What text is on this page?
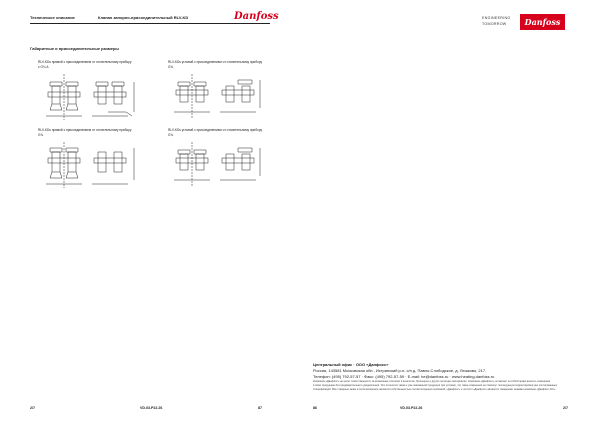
Техническое описание	Клапан запорно-присоединительный RLV-KD	Danfoss
Габаритные и присоединительные размеры
RLV-KDs прямой с присоединением от отопительному прибору с G¾ A
RLV-KDs угловой с присоединением от отопительному прибору G¾
RLV-KDs прямой с присоединением от отопительному прибору G¾
RLV-KDs угловой с присоединением от отопительному прибору G¾
2/7	VD.03.P22.26	87
ENGINEERING
TOMORROW	Danfoss
Центральный офис · ООО «Данфосс»
Россия, 143581 Московская обл., Истринский р-н, с/п д. Павло-Слободское, д. Лешково, 217.
Телефон: (495) 792-57-57 · Факс: (495) 792-57-59 · E-mail: he@danfoss.ru · www.heating.danfoss.ru
Компания «Данфосс» не несет ответственности за возможные опечатки в каталогах, брошюрах и других печатных материалах. Компания «Данфосс» оставляет за собой право вносить изменения
в свою продукцию без предварительного уведомления. Это относится также к уже заказанной продукции при условии, что такие изменения не повлекут последующих корректировок уже согласованных
спецификаций. Все товарные знаки в этом материале являются собственностью соответствующих компаний. «Данфосс» и логотип «Данфосс» являются товарными знаками компании «Данфосс А/С».
86	VD.03.P22.26	2/7
